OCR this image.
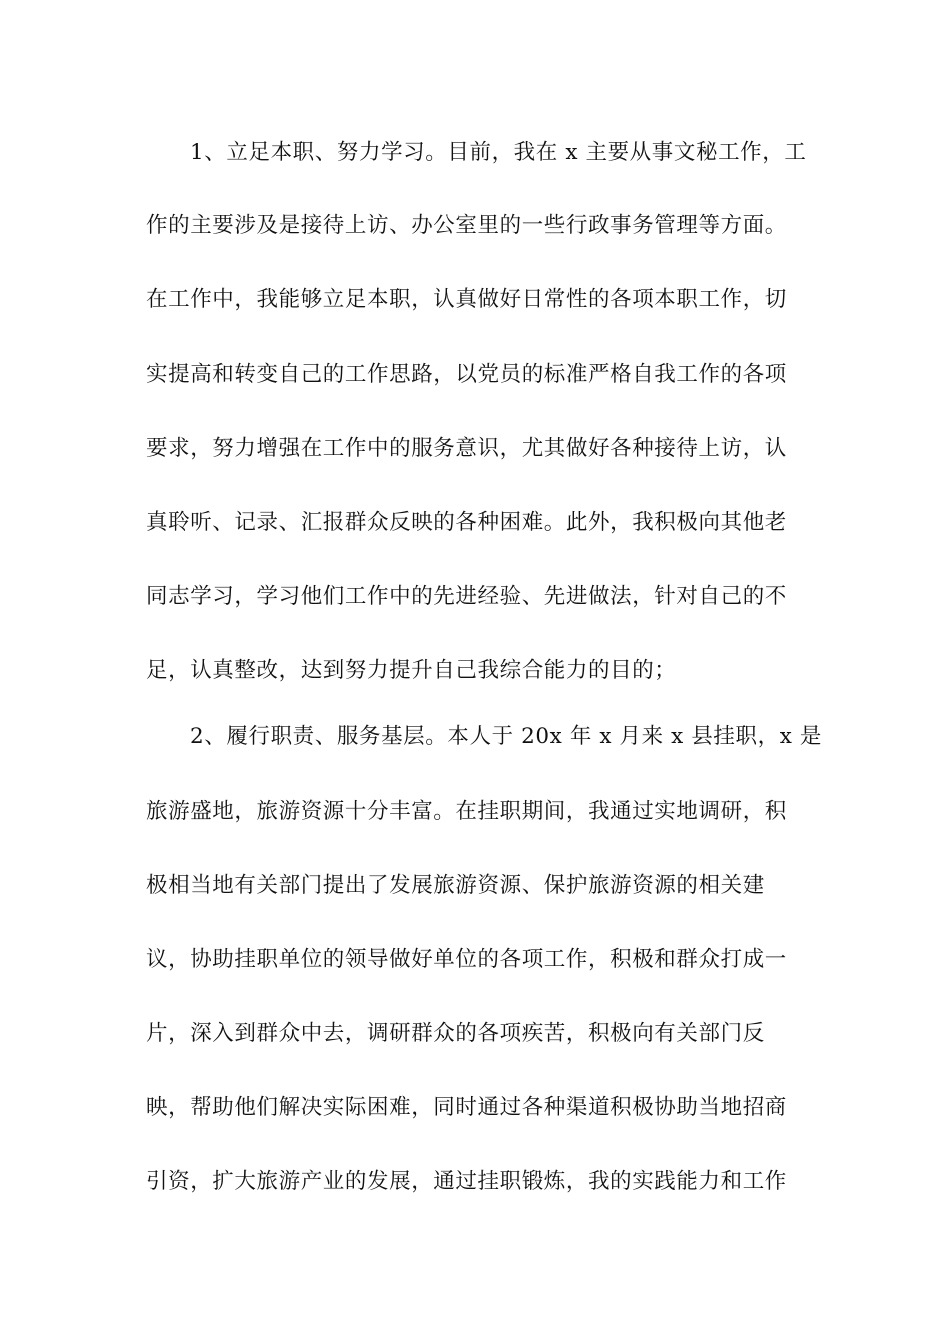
1、立足本职、努力学习。目前，我在 x 主要从事文秘工作，工
作的主要涉及是接待上访、办公室里的一些行政事务管理等方面。
在工作中，我能够立足本职，认真做好日常性的各项本职工作，切
实提高和转变自己的工作思路，以党员的标准严格自我工作的各项
要求，努力增强在工作中的服务意识，尤其做好各种接待上访，认
真聆听、记录、汇报群众反映的各种困难。此外，我积极向其他老
同志学习，学习他们工作中的先进经验、先进做法，针对自己的不
足，认真整改，达到努力提升自己我综合能力的目的；
2、履行职责、服务基层。本人于 20x 年 x 月来 x 县挂职，x 是
旅游盛地，旅游资源十分丰富。在挂职期间，我通过实地调研，积
极相当地有关部门提出了发展旅游资源、保护旅游资源的相关建
议，协助挂职单位的领导做好单位的各项工作，积极和群众打成一
片，深入到群众中去，调研群众的各项疾苦，积极向有关部门反
映，帮助他们解决实际困难，同时通过各种渠道积极协助当地招商
引资，扩大旅游产业的发展，通过挂职锻炼，我的实践能力和工作
